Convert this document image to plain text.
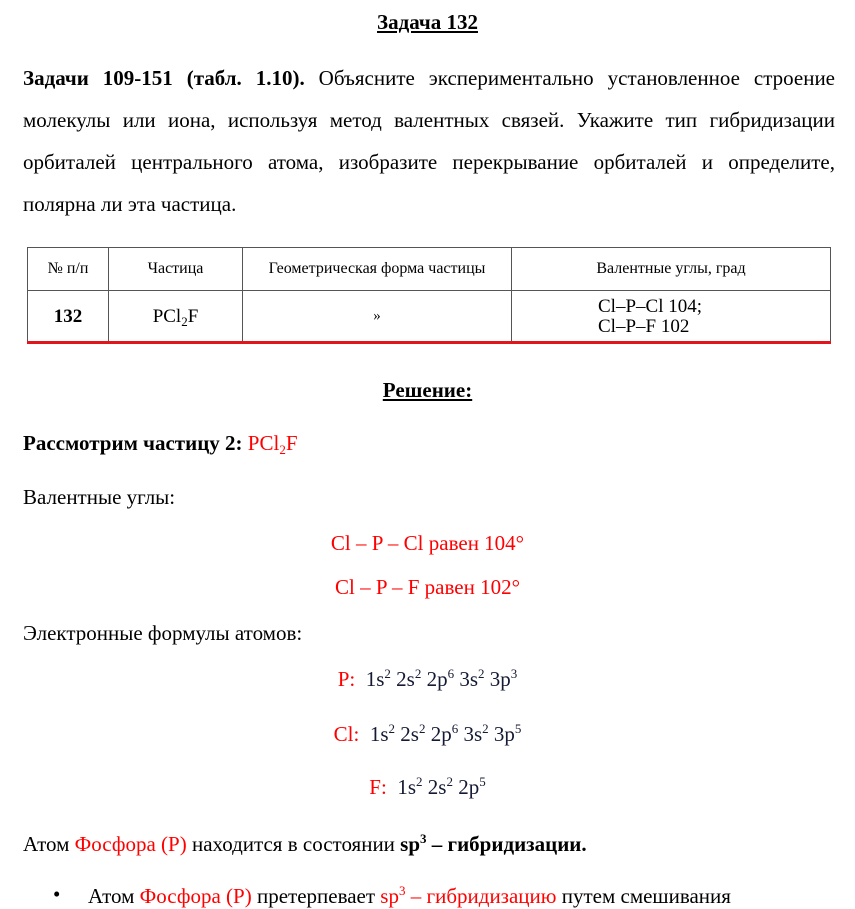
Задача 132
Задачи 109-151 (табл. 1.10). Объясните экспериментально установленное строение молекулы или иона, используя метод валентных связей. Укажите тип гибридизации орбиталей центрального атома, изобразите перекрывание орбиталей и определите, полярна ли эта частица.
№ п/п	Частица	Геометрическая форма частицы	Валентные углы, град
132	PCl$_2$F	»	Cl–P–Cl 104;
Cl–P–F 102
Решение:
Рассмотрим частицу 2: PCl$_2$F
Валентные углы:
Cl – P – Cl равен 104°
Cl – P – F равен 102°
Электронные формулы атомов:
P: $1s^2$ $2s^2$ $2p^6$ $3s^2$ $3p^3$
Cl: $1s^2$ $2s^2$ $2p^6$ $3s^2$ $3p^5$
F: $1s^2$ $2s^2$ $2p^5$
Атом Фосфора (Р) находится в состоянии $sp^3$ – гибридизации.
• Атом Фосфора (Р) претерпевает $sp^3$ – гибридизацию путем смешивания
